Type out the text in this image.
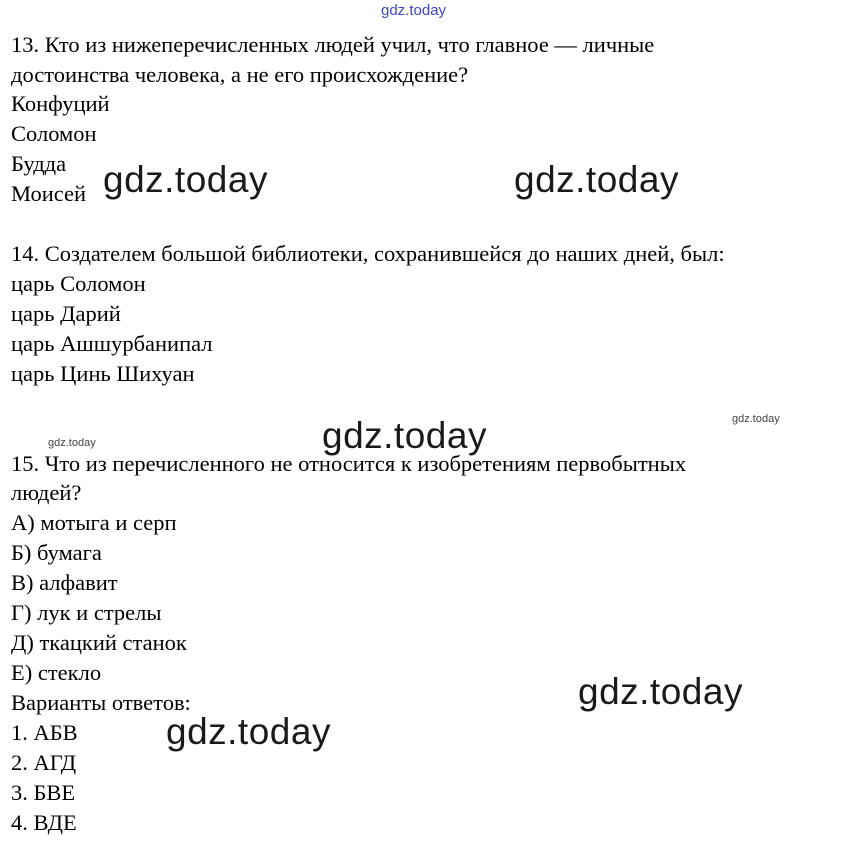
gdz.today
13. Кто из нижеперечисленных людей учил, что главное — личные
достоинства человека, а не его происхождение?
Конфуций
Соломон
Будда
Моисей gdz.today	gdz.today
14. Создателем большой библиотеки, сохранившейся до наших дней, был:
царь Соломон
царь Дарий
царь Ашшурбанипал
царь Цинь Шихуан
gdz.today
gdz.today	gdz.today
15. Что из перечисленного не относится к изобретениям первобытных
людей?
А) мотыга и серп
Б) бумага
В) алфавит
Г) лук и стрелы
Д) ткацкий станок
Е) стекло
Варианты ответов:
1. АБВ
2. АГД
3. БВЕ
4. ВДЕ
gdz.today
gdz.today
